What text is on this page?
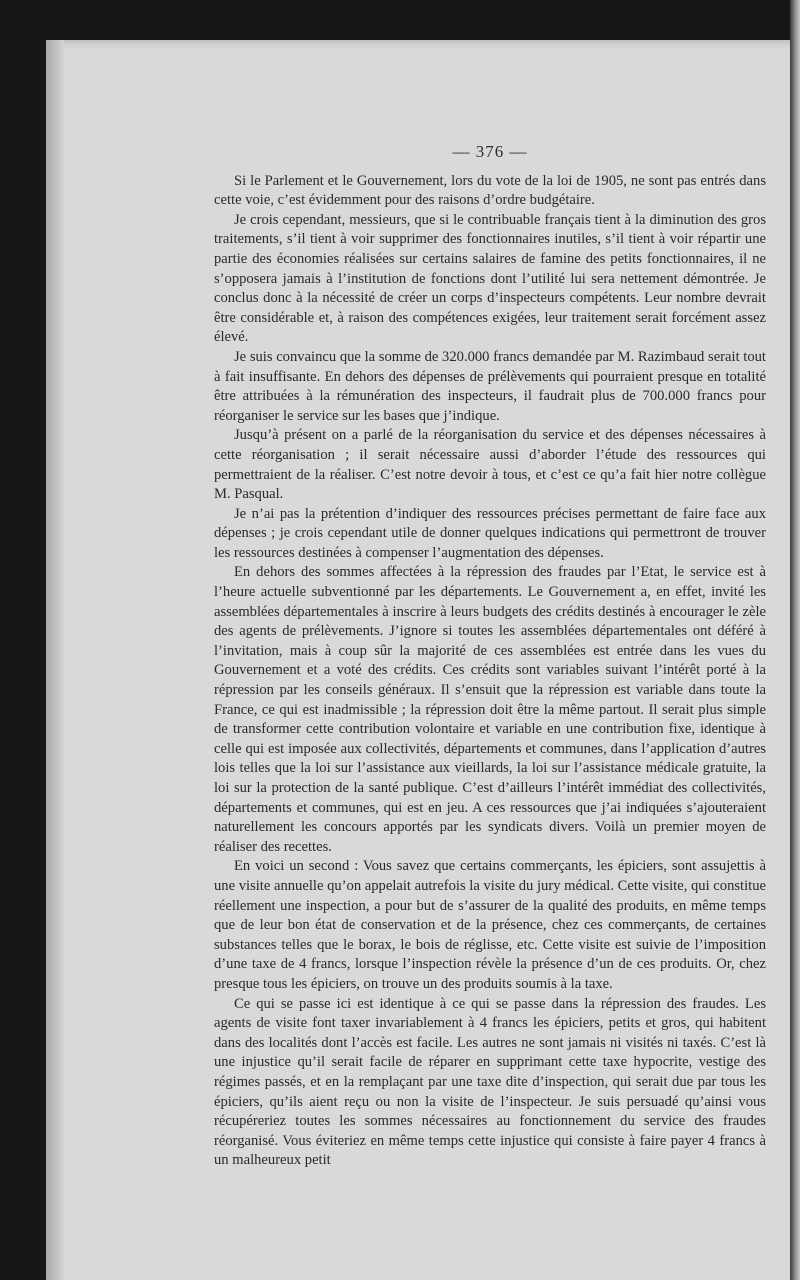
— 376 —

Si le Parlement et le Gouvernement, lors du vote de la loi de 1905, ne sont pas entrés dans cette voie, c’est évidemment pour des raisons d’ordre budgétaire.

Je crois cependant, messieurs, que si le contribuable français tient à la diminution des gros traitements, s’il tient à voir supprimer des fonctionnaires inutiles, s’il tient à voir répartir une partie des économies réalisées sur certains salaires de famine des petits fonctionnaires, il ne s’opposera jamais à l’institution de fonctions dont l’utilité lui sera nettement démontrée. Je conclus donc à la nécessité de créer un corps d’inspecteurs compétents. Leur nombre devrait être considérable et, à raison des compétences exigées, leur traitement serait forcément assez élevé.

Je suis convaincu que la somme de 320.000 francs demandée par M. Razimbaud serait tout à fait insuffisante. En dehors des dépenses de prélèvements qui pourraient presque en totalité être attribuées à la rémunération des inspecteurs, il faudrait plus de 700.000 francs pour réorganiser le service sur les bases que j’indique.

Jusqu’à présent on a parlé de la réorganisation du service et des dépenses nécessaires à cette réorganisation ; il serait nécessaire aussi d’aborder l’étude des ressources qui permettraient de la réaliser. C’est notre devoir à tous, et c’est ce qu’a fait hier notre collègue M. Pasqual.

Je n’ai pas la prétention d’indiquer des ressources précises permettant de faire face aux dépenses ; je crois cependant utile de donner quelques indications qui permettront de trouver les ressources destinées à compenser l’augmentation des dépenses.

En dehors des sommes affectées à la répression des fraudes par l’Etat, le service est à l’heure actuelle subventionné par les départements. Le Gouvernement a, en effet, invité les assemblées départementales à inscrire à leurs budgets des crédits destinés à encourager le zèle des agents de prélèvements. J’ignore si toutes les assemblées départementales ont déféré à l’invitation, mais à coup sûr la majorité de ces assemblées est entrée dans les vues du Gouvernement et a voté des crédits. Ces crédits sont variables suivant l’intérêt porté à la répression par les conseils généraux. Il s’ensuit que la répression est variable dans toute la France, ce qui est inadmissible ; la répression doit être la même partout. Il serait plus simple de transformer cette contribution volontaire et variable en une contribution fixe, identique à celle qui est imposée aux collectivités, départements et communes, dans l’application d’autres lois telles que la loi sur l’assistance aux vieillards, la loi sur l’assistance médicale gratuite, la loi sur la protection de la santé publique. C’est d’ailleurs l’intérêt immédiat des collectivités, départements et communes, qui est en jeu. A ces ressources que j’ai indiquées s’ajouteraient naturellement les concours apportés par les syndicats divers. Voilà un premier moyen de réaliser des recettes.

En voici un second : Vous savez que certains commerçants, les épiciers, sont assujettis à une visite annuelle qu’on appelait autrefois la visite du jury médical. Cette visite, qui constitue réellement une inspection, a pour but de s’assurer de la qualité des produits, en même temps que de leur bon état de conservation et de la présence, chez ces commerçants, de certaines substances telles que le borax, le bois de réglisse, etc. Cette visite est suivie de l’imposition d’une taxe de 4 francs, lorsque l’inspection révèle la présence d’un de ces produits. Or, chez presque tous les épiciers, on trouve un des produits soumis à la taxe.

Ce qui se passe ici est identique à ce qui se passe dans la répression des fraudes. Les agents de visite font taxer invariablement à 4 francs les épiciers, petits et gros, qui habitent dans des localités dont l’accès est facile. Les autres ne sont jamais ni visités ni taxés. C’est là une injustice qu’il serait facile de réparer en supprimant cette taxe hypocrite, vestige des régimes passés, et en la remplaçant par une taxe dite d’inspection, qui serait due par tous les épiciers, qu’ils aient reçu ou non la visite de l’inspecteur. Je suis persuadé qu’ainsi vous récupéreriez toutes les sommes nécessaires au fonctionnement du service des fraudes réorganisé. Vous éviteriez en même temps cette injustice qui consiste à faire payer 4 francs à un malheureux petit
